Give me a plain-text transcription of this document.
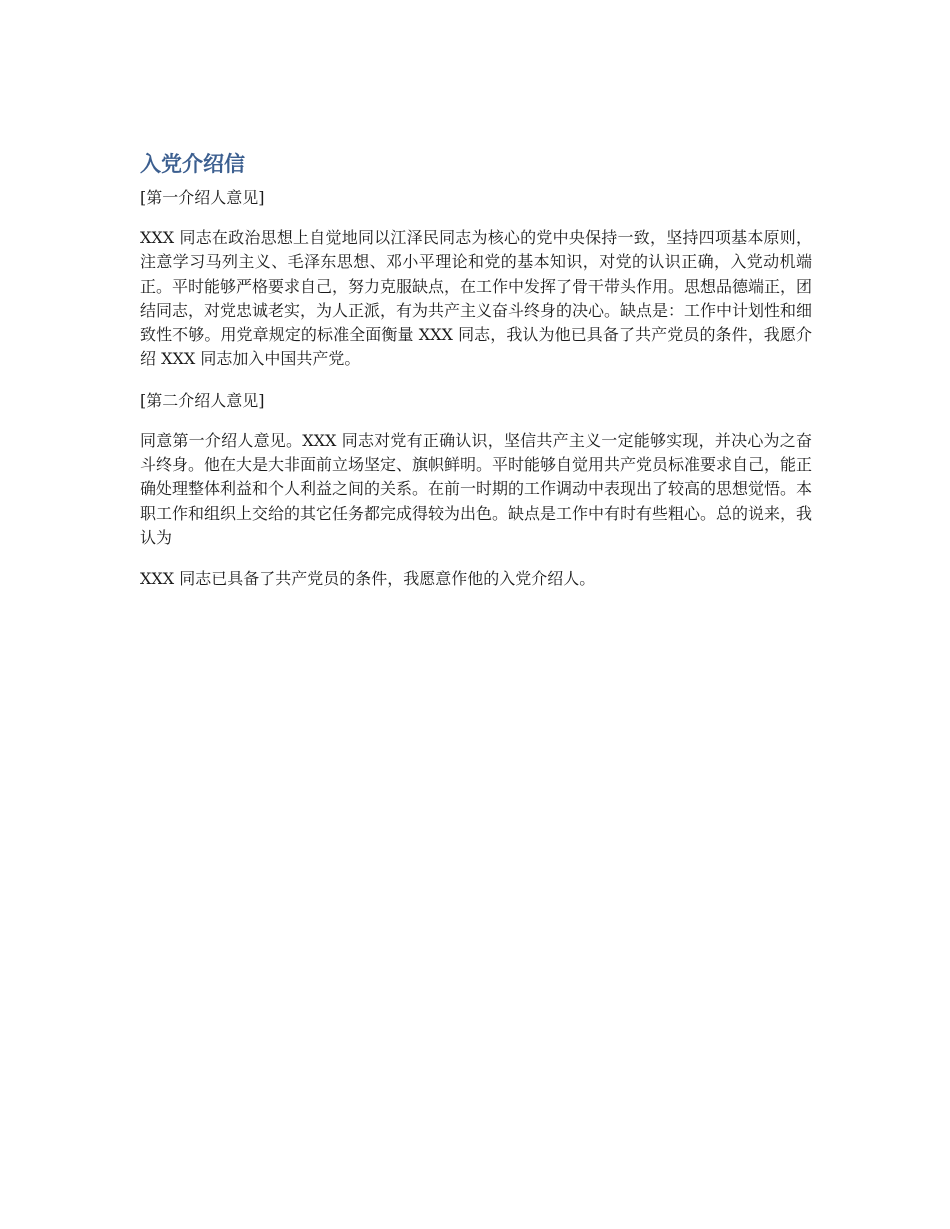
入党介绍信
[第一介绍人意见]

XXX 同志在政治思想上自觉地同以江泽民同志为核心的党中央保持一致，坚持四项基本原则，注意学习马列主义、毛泽东思想、邓小平理论和党的基本知识，对党的认识正确，入党动机端正。平时能够严格要求自己，努力克服缺点，在工作中发挥了骨干带头作用。思想品德端正，团结同志，对党忠诚老实，为人正派，有为共产主义奋斗终身的决心。缺点是：工作中计划性和细致性不够。用党章规定的标准全面衡量 XXX 同志，我认为他已具备了共产党员的条件，我愿介绍 XXX 同志加入中国共产党。

[第二介绍人意见]

同意第一介绍人意见。XXX 同志对党有正确认识，坚信共产主义一定能够实现，并决心为之奋斗终身。他在大是大非面前立场坚定、旗帜鲜明。平时能够自觉用共产党员标准要求自己，能正确处理整体利益和个人利益之间的关系。在前一时期的工作调动中表现出了较高的思想觉悟。本职工作和组织上交给的其它任务都完成得较为出色。缺点是工作中有时有些粗心。总的说来，我认为

XXX 同志已具备了共产党员的条件，我愿意作他的入党介绍人。
